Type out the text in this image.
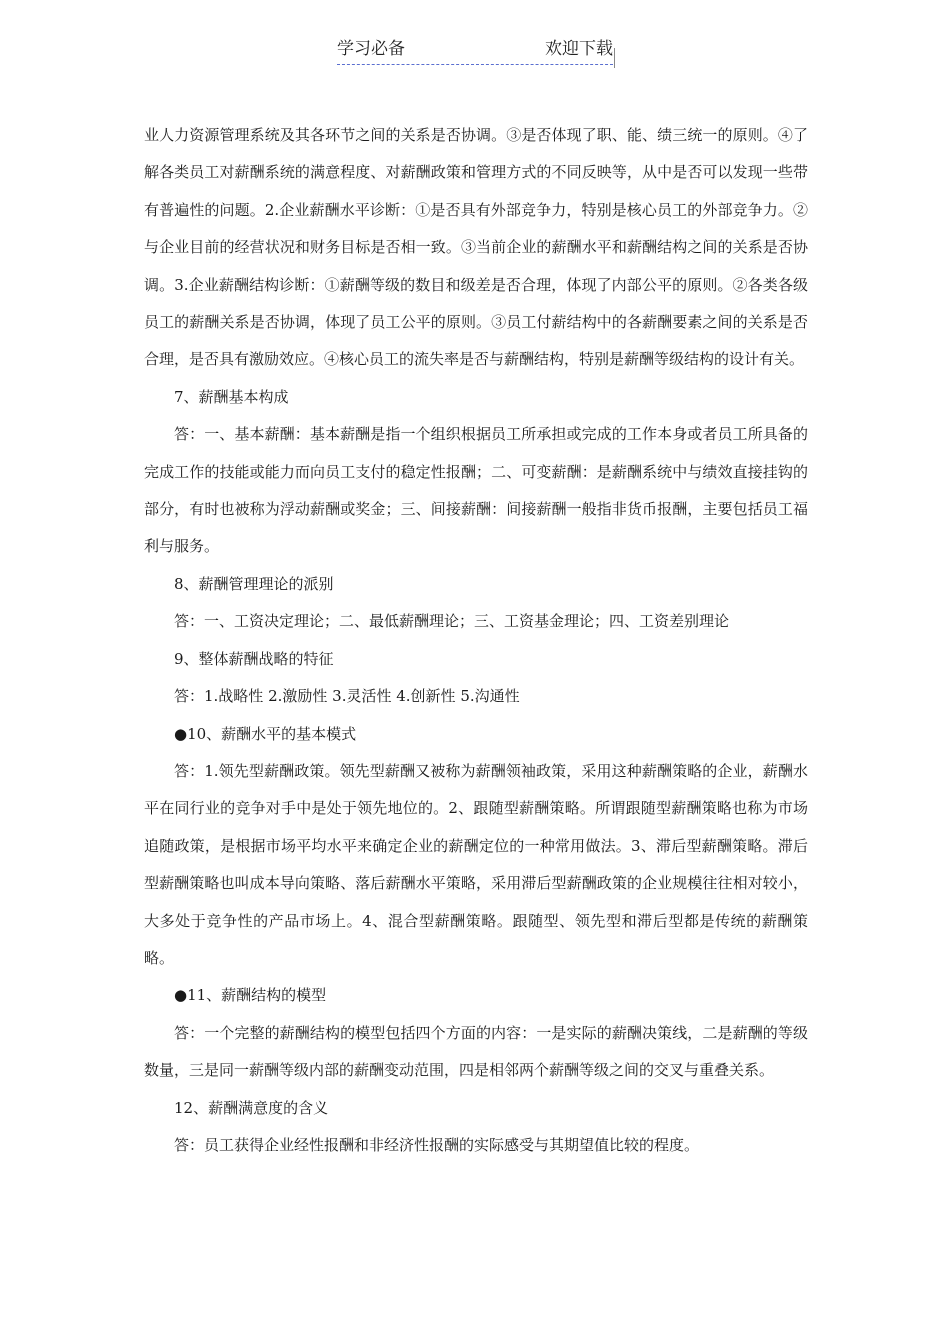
学习必备	欢迎下载

业人力资源管理系统及其各环节之间的关系是否协调。③是否体现了职、能、绩三统一的原则。④了解各类员工对薪酬系统的满意程度、对薪酬政策和管理方式的不同反映等，从中是否可以发现一些带有普遍性的问题。2.企业薪酬水平诊断：①是否具有外部竞争力，特别是核心员工的外部竞争力。②与企业目前的经营状况和财务目标是否相一致。③当前企业的薪酬水平和薪酬结构之间的关系是否协调。3.企业薪酬结构诊断：①薪酬等级的数目和级差是否合理，体现了内部公平的原则。②各类各级员工的薪酬关系是否协调，体现了员工公平的原则。③员工付薪结构中的各薪酬要素之间的关系是否合理，是否具有激励效应。④核心员工的流失率是否与薪酬结构，特别是薪酬等级结构的设计有关。

7、薪酬基本构成

答：一、基本薪酬：基本薪酬是指一个组织根据员工所承担或完成的工作本身或者员工所具备的完成工作的技能或能力而向员工支付的稳定性报酬；二、可变薪酬：是薪酬系统中与绩效直接挂钩的部分，有时也被称为浮动薪酬或奖金；三、间接薪酬：间接薪酬一般指非货币报酬，主要包括员工福利与服务。

8、薪酬管理理论的派别

答：一、工资决定理论；二、最低薪酬理论；三、工资基金理论；四、工资差别理论

9、整体薪酬战略的特征

答：1.战略性 2.激励性 3.灵活性 4.创新性 5.沟通性

●10、薪酬水平的基本模式

答：1.领先型薪酬政策。领先型薪酬又被称为薪酬领袖政策，采用这种薪酬策略的企业，薪酬水平在同行业的竞争对手中是处于领先地位的。2、跟随型薪酬策略。所谓跟随型薪酬策略也称为市场追随政策，是根据市场平均水平来确定企业的薪酬定位的一种常用做法。3、滞后型薪酬策略。滞后型薪酬策略也叫成本导向策略、落后薪酬水平策略，采用滞后型薪酬政策的企业规模往往相对较小，大多处于竞争性的产品市场上。4、混合型薪酬策略。跟随型、领先型和滞后型都是传统的薪酬策略。

●11、薪酬结构的模型

答：一个完整的薪酬结构的模型包括四个方面的内容：一是实际的薪酬决策线，二是薪酬的等级数量，三是同一薪酬等级内部的薪酬变动范围，四是相邻两个薪酬等级之间的交叉与重叠关系。

12、薪酬满意度的含义

答：员工获得企业经性报酬和非经济性报酬的实际感受与其期望值比较的程度。
